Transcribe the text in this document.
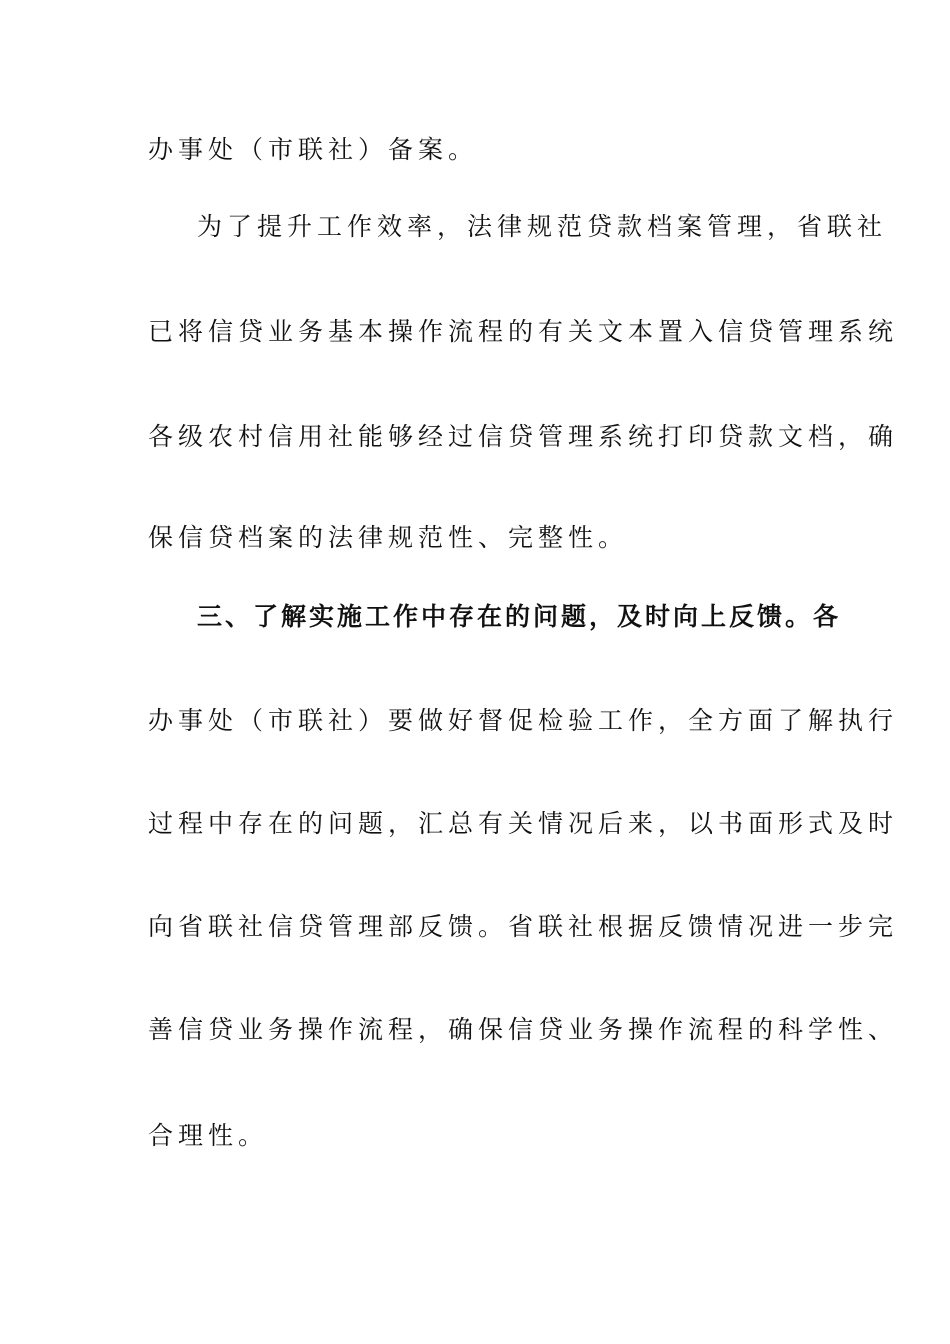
办事处（市联社）备案。
为了提升工作效率，法律规范贷款档案管理，省联社
已将信贷业务基本操作流程的有关文本置入信贷管理系统
各级农村信用社能够经过信贷管理系统打印贷款文档，确
保信贷档案的法律规范性、完整性。
三、了解实施工作中存在的问题，及时向上反馈。各
办事处（市联社）要做好督促检验工作，全方面了解执行
过程中存在的问题，汇总有关情况后来，以书面形式及时
向省联社信贷管理部反馈。省联社根据反馈情况进一步完
善信贷业务操作流程，确保信贷业务操作流程的科学性、
合理性。
